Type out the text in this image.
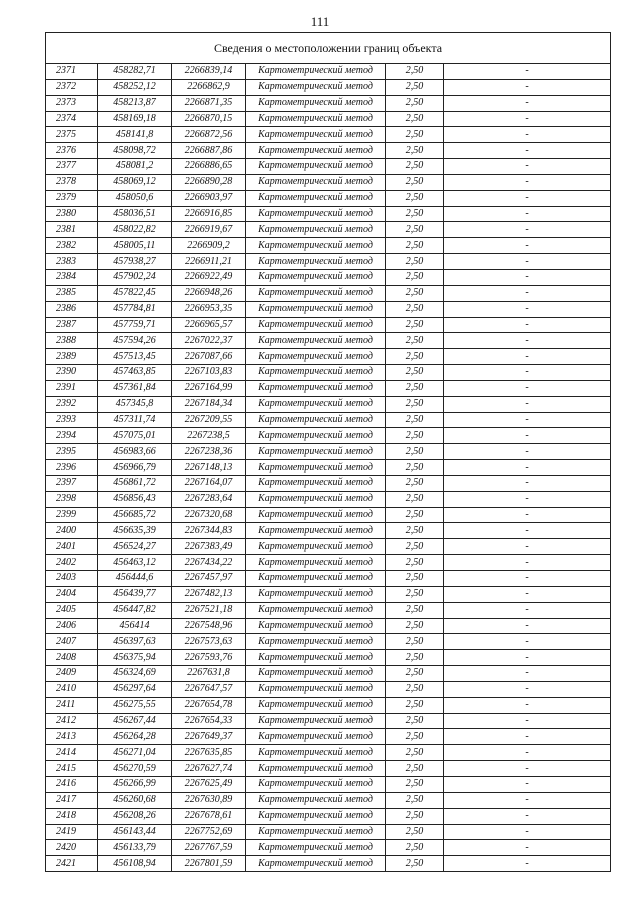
111
Сведения о местоположении границ объекта					
2371	458282,71	2266839,14	Картометрический метод	2,50	-
2372	458252,12	2266862,9	Картометрический метод	2,50	-
2373	458213,87	2266871,35	Картометрический метод	2,50	-
2374	458169,18	2266870,15	Картометрический метод	2,50	-
2375	458141,8	2266872,56	Картометрический метод	2,50	-
2376	458098,72	2266887,86	Картометрический метод	2,50	-
2377	458081,2	2266886,65	Картометрический метод	2,50	-
2378	458069,12	2266890,28	Картометрический метод	2,50	-
2379	458050,6	2266903,97	Картометрический метод	2,50	-
2380	458036,51	2266916,85	Картометрический метод	2,50	-
2381	458022,82	2266919,67	Картометрический метод	2,50	-
2382	458005,11	2266909,2	Картометрический метод	2,50	-
2383	457938,27	2266911,21	Картометрический метод	2,50	-
2384	457902,24	2266922,49	Картометрический метод	2,50	-
2385	457822,45	2266948,26	Картометрический метод	2,50	-
2386	457784,81	2266953,35	Картометрический метод	2,50	-
2387	457759,71	2266965,57	Картометрический метод	2,50	-
2388	457594,26	2267022,37	Картометрический метод	2,50	-
2389	457513,45	2267087,66	Картометрический метод	2,50	-
2390	457463,85	2267103,83	Картометрический метод	2,50	-
2391	457361,84	2267164,99	Картометрический метод	2,50	-
2392	457345,8	2267184,34	Картометрический метод	2,50	-
2393	457311,74	2267209,55	Картометрический метод	2,50	-
2394	457075,01	2267238,5	Картометрический метод	2,50	-
2395	456983,66	2267238,36	Картометрический метод	2,50	-
2396	456966,79	2267148,13	Картометрический метод	2,50	-
2397	456861,72	2267164,07	Картометрический метод	2,50	-
2398	456856,43	2267283,64	Картометрический метод	2,50	-
2399	456685,72	2267320,68	Картометрический метод	2,50	-
2400	456635,39	2267344,83	Картометрический метод	2,50	-
2401	456524,27	2267383,49	Картометрический метод	2,50	-
2402	456463,12	2267434,22	Картометрический метод	2,50	-
2403	456444,6	2267457,97	Картометрический метод	2,50	-
2404	456439,77	2267482,13	Картометрический метод	2,50	-
2405	456447,82	2267521,18	Картометрический метод	2,50	-
2406	456414	2267548,96	Картометрический метод	2,50	-
2407	456397,63	2267573,63	Картометрический метод	2,50	-
2408	456375,94	2267593,76	Картометрический метод	2,50	-
2409	456324,69	2267631,8	Картометрический метод	2,50	-
2410	456297,64	2267647,57	Картометрический метод	2,50	-
2411	456275,55	2267654,78	Картометрический метод	2,50	-
2412	456267,44	2267654,33	Картометрический метод	2,50	-
2413	456264,28	2267649,37	Картометрический метод	2,50	-
2414	456271,04	2267635,85	Картометрический метод	2,50	-
2415	456270,59	2267627,74	Картометрический метод	2,50	-
2416	456266,99	2267625,49	Картометрический метод	2,50	-
2417	456260,68	2267630,89	Картометрический метод	2,50	-
2418	456208,26	2267678,61	Картометрический метод	2,50	-
2419	456143,44	2267752,69	Картометрический метод	2,50	-
2420	456133,79	2267767,59	Картометрический метод	2,50	-
2421	456108,94	2267801,59	Картометрический метод	2,50	-
